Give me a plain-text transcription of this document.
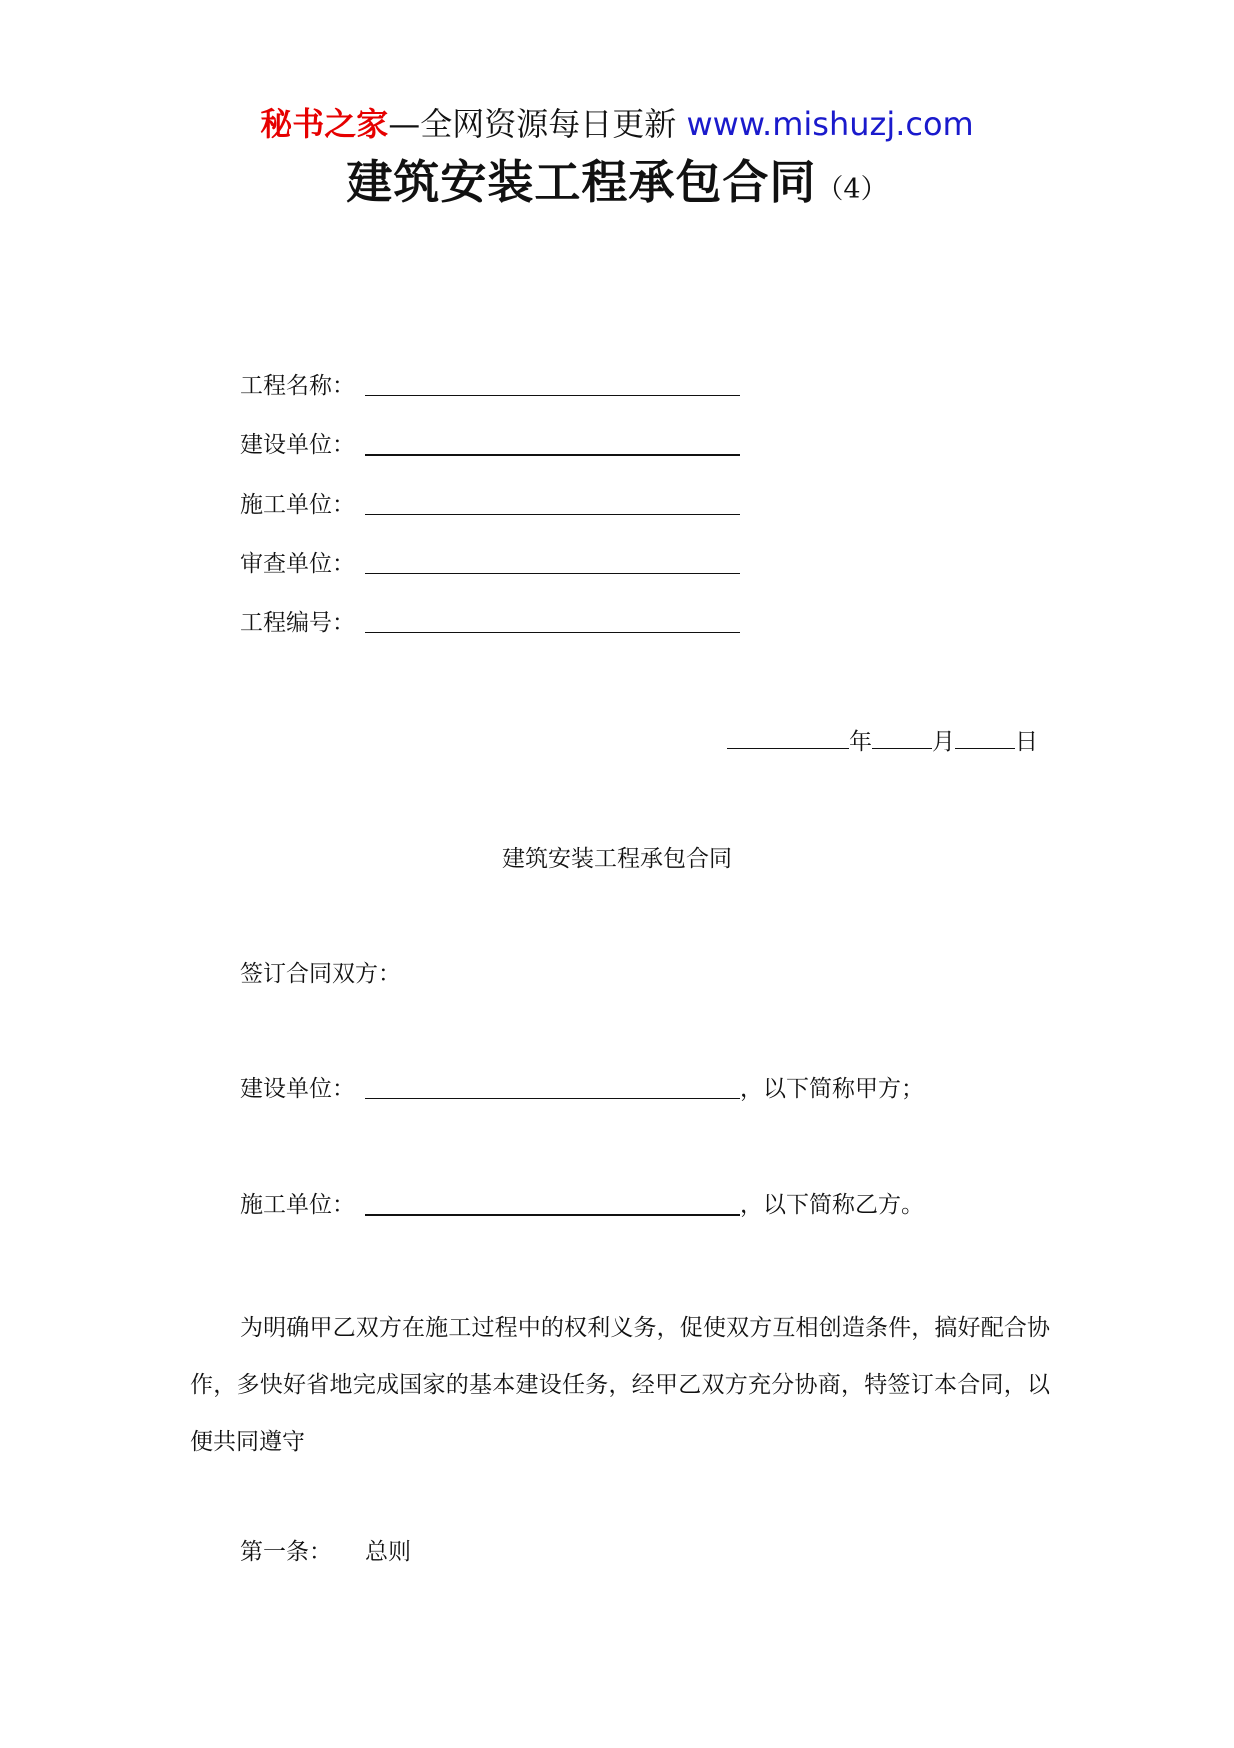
秘书之家—全网资源每日更新 www.mishuzj.com
建筑安装工程承包合同（4）
工程名称：
建设单位：
施工单位：
审查单位：
工程编号：
年	月	日
建筑安装工程承包合同
签订合同双方：
建设单位：	，以下简称甲方；
施工单位：	，以下简称乙方。
为明确甲乙双方在施工过程中的权利义务，促使双方互相创造条件，搞好配合协作，多快好省地完成国家的基本建设任务，经甲乙双方充分协商，特签订本合同，以便共同遵守
第一条： 总则
